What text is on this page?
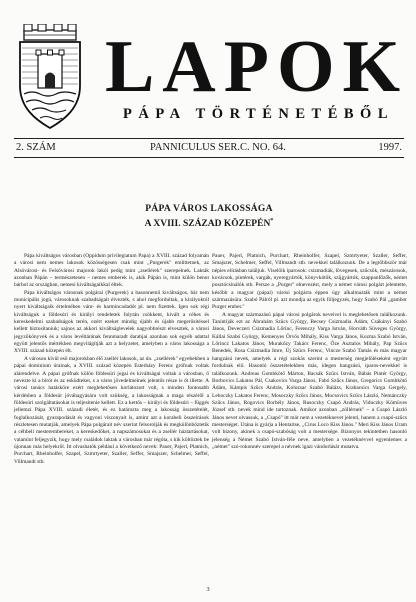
LAPOK
PÁPA TÖRTÉNETÉBŐL
2. SZÁM	PANNICULUS SER.C. NO. 64.	1997.
PÁPA VÁROS LAKOSSÁGA
A XVIII. SZÁZAD KÖZEPÉN*

Pápa kiváltságos városban (Oppidum privilegiatum Papa) a XVIII. század folyamán a városi nem nemes lakosok közösségesen csak mint „Purgerek" említtetnek, az Alsóvárosi- és Felsővárosi majorok lakói pedig mint „zsellérek" szerepelnek. Lakták azonban Pápán – természetesen – nemes emberek is, akik Pápán is, mint külön bennt bárhol az országban, nemesi kiváltságaikkal éltek.

Pápa kiváltságos városnak polgárai (Purgerek) a hasonnemű kiváltságos, bár nem municipális jogú, városoknak szabadságait élvezték, s ahol megfordultak, a királyoktól nyert kiváltságaik értelmében vám- és harmincadadót pl. nem fizettek. Igen sok régi kiváltságuk a földesúri és királyi rendeletek folytán csökkent, kivált a céhes és kereskedelmi szabadságok terén, ezért ezeket mindig újabb és újabb megerősítéssel kellett biztosítaniuk; sajnos az akkori kiváltságlevelek nagyobbrészt elvesztek, a városi jegyzőkönyvek és a város levéltárának fennmaradt darabjai azonban sok egyéb adattal együtt jelentős mértékben megvilágítják azt a helyzetet, amelyben a város lakossága a XVIII. század közepén élt.

A városon kívül eső majorokban élő zsellér lakosok, az ún. „zsellérek" egyebekben a pápai dominium úrainak, a XVIII. század közepén Esterházy Ferenc grófnak voltak alárendelve. A pápai grófnak külön földesúri jogai és kiváltságai voltak a városban, ő nevezte ki a bírót és az esküdteket, s a város jövedelmeinek jelentős része is őt illette. A városi tanács hatásköre ezért meglehetősen korlátozott volt, s minden fontosabb kérdésben a földesúr jóváhagyására volt szükség, a lakosságnak a maga részéről a földesúri szolgáltatásokat is teljesítenie kellett. Ez a kettős – királyi és földesúri – függés jellemzi Pápa XVIII. századi életét, és ez határozta meg a lakosság összetételét, foglalkozását, gyarapodását és vagyoni viszonyait is, amint azt a korabeli összeírások részletesen mutatják, amelyek Pápa polgárait név szerint felsorolják és megkülönböztetik a céhbeli mesterembereket, a kereskedőket, a napszámosokat és a zsellér háztartásokat, valamint feljegyzik, hogy mely családok laktak a városban már régóta, s kik költöztek be újonnan más helyekről. Itt olvashatók például a következő nevek: Pauer, Pajerl, Platnich, Purchart, Rheinholfer, Szapel, Szmrtyeter, Szaller, Seffer, Smajszer, Schelmer, Seffel, Villmandt stb.

Pauer, Pajerl, Platnich, Purchart, Rheinholfer, Szapel, Szmrtyeter, Szaller, Seffer, Smajszer, Schelmer, Seffel, Villmandt stb. nevekkel találkozunk. De a legtöbbször már népies elírásban találjuk. Viselőik iparosok: csizmadiák, lövegesek, szűcsök, mészárosok, kovácsok, pintérek, vargák, nyeregyártók, könyvkötők, szíjgyártók, szappanfőzők, német posztócsinálók stb. Persze a „Purger" elnevezést, mely a német városi polgárt jelentette, később a magyar (pápai) városi polgárra éppen úgy alkalmazták mint a német származásúra. Szabó Pálról pl. azt mondja az egyik följegyzés, hogy Szabó Pál „gambor Purger ember."

A magyar származású pápai városi polgárok neveivel is meglehetősen találkozunk. Tanintiják ezt az Ábrahám Szücs György, Becsey Csizmadia Ádám, Csákányi Szabó János, Deveczeri Csizmadia Lőrinc, Ferenczy Varga István, Horváth Süveges György, Kállai Szabó György, Kemenyes Örvös Mihály, Kiss Varga János, Kozma Szabó István, Lőrincz Lakatos János, Murakőzy Takács Ferenc, Őze Asztalos Mihály, Pap Szücs Benedek, Rosa Csizmadia Imre, Új Szücs Ferenc, Vincze Szabó Tamás és más magyar hangzású nevek, amelyek a régi szokás szerint a mesterség megjelöléseként egyútt fordulnak elő. Hasonló összetételekben más, idegen hangzású, iparos-nevekkel is találkozunk. Andreas Gombkötő Márton, Bacsák Szűcs István, Bábás Pintér György, Borbovics Lakatos Pál, Csakovics Varga János, Fabó Szűcs János, Gregorics Gombkötő Ádám, Kámpis Szűcs András, Kolozsar Szabó Balázs, Krabacsics Varga Gergely, Lehoczky Lakatos Ferenc, Mosoczky Szűcs János, Mocsovics Szűcs László, Nemánczky Szűcs János, Rogovics Borbély János, Rusoczky Csapó András, Viduczky Kömüves József stb. nevek mind ide tartoznak. Amikor azonban „zöllérnek" – a Csapó László János nevet olvassuk, a „Csapó" itt már nem a vezetéknevet jelenti, hanem a csapó-szűcs mesterséget. Utána is gyárja a Hentartse, „Cirus Loco Kiss János." Meri Kiss János Uram volt bizony, akinek a csapó-szabóság volt a mestersége. Bizonyos tekintetben hasonló jelenség a Német Szabó István-féle neve, amelyben a vezetéknévvel egyenlemes a „német" szó-rokonnév szerepel a névnek igazi vándorlását mutatva.

3
